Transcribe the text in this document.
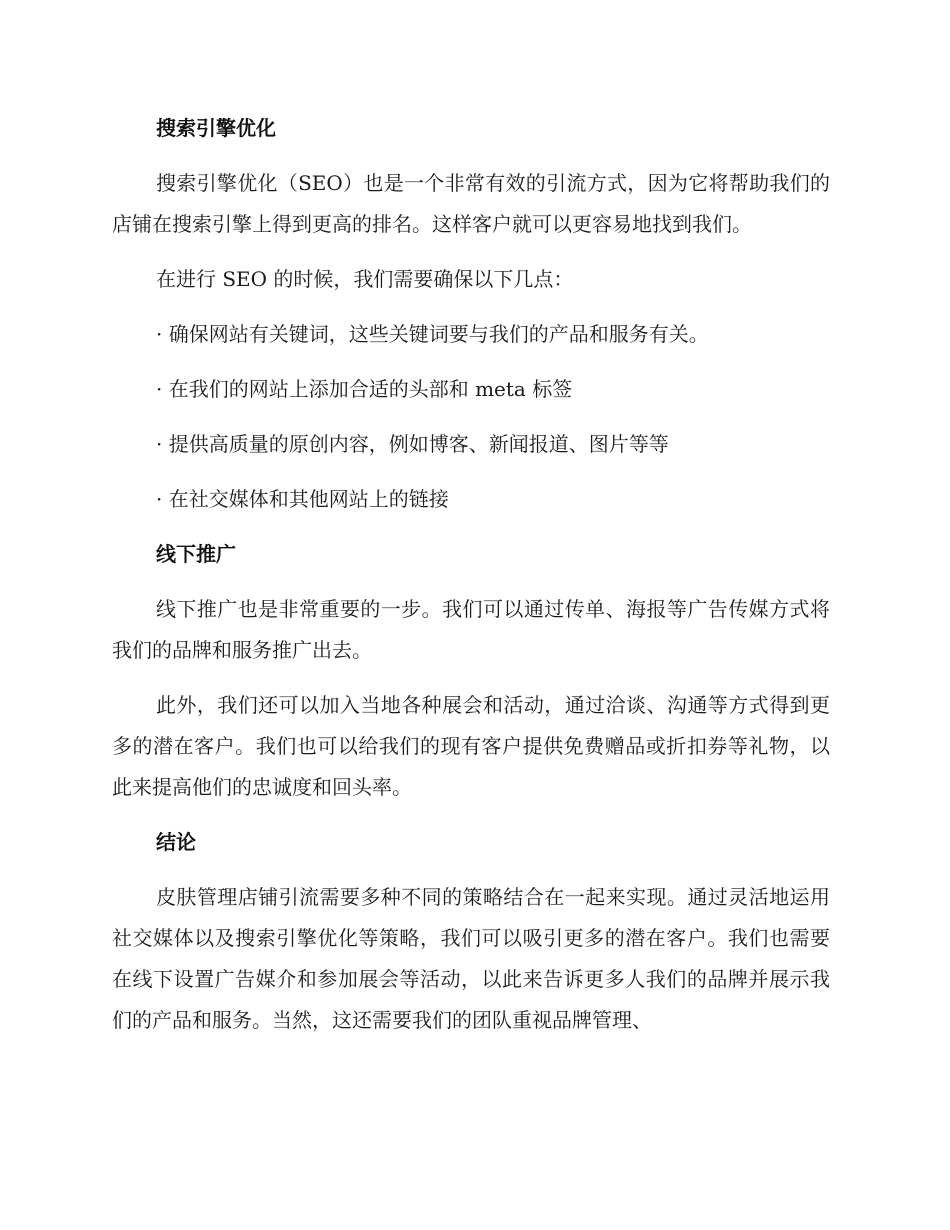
搜索引擎优化

搜索引擎优化（SEO）也是一个非常有效的引流方式，因为它将帮助我们的店铺在搜索引擎上得到更高的排名。这样客户就可以更容易地找到我们。

在进行 SEO 的时候，我们需要确保以下几点：

· 确保网站有关键词，这些关键词要与我们的产品和服务有关。
· 在我们的网站上添加合适的头部和 meta 标签
· 提供高质量的原创内容，例如博客、新闻报道、图片等等
· 在社交媒体和其他网站上的链接
线下推广

线下推广也是非常重要的一步。我们可以通过传单、海报等广告传媒方式将我们的品牌和服务推广出去。

此外，我们还可以加入当地各种展会和活动，通过洽谈、沟通等方式得到更多的潜在客户。我们也可以给我们的现有客户提供免费赠品或折扣券等礼物，以此来提高他们的忠诚度和回头率。

结论

皮肤管理店铺引流需要多种不同的策略结合在一起来实现。通过灵活地运用社交媒体以及搜索引擎优化等策略，我们可以吸引更多的潜在客户。我们也需要在线下设置广告媒介和参加展会等活动，以此来告诉更多人我们的品牌并展示我们的产品和服务。当然，这还需要我们的团队重视品牌管理、
